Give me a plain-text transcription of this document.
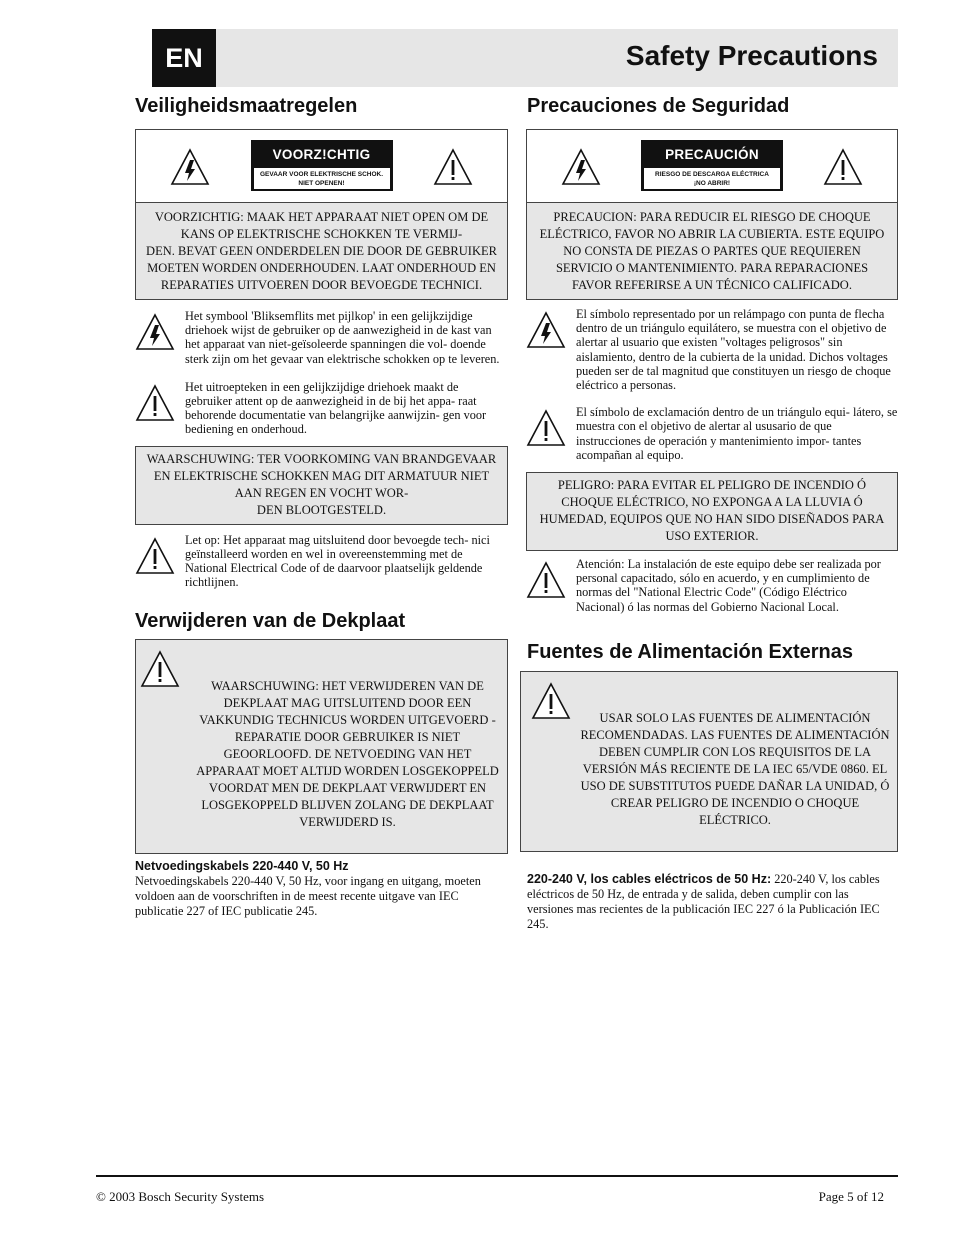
EN	Safety Precautions
Veiligheidsmaatregelen
VOORZ!CHTIG
GEVAAR VOOR ELEKTRISCHE SCHOK.
NIET OPENEN!
VOORZICHTIG: MAAK HET APPARAAT NIET OPEN OM DE KANS OP ELEKTRISCHE SCHOKKEN TE VERMIJ-
DEN. BEVAT GEEN ONDERDELEN DIE DOOR DE GEBRUIKER MOETEN WORDEN ONDERHOUDEN. LAAT ONDERHOUD EN REPARATIES UITVOEREN DOOR BEVOEGDE TECHNICI.

Het symbool 'Bliksemflits met pijlkop' in een gelijkzijdige driehoek wijst de gebruiker op de aanwezigheid in de kast van het apparaat van niet-geïsoleerde spanningen die vol- doende sterk zijn om het gevaar van elektrische schokken op te leveren.

Het uitroepteken in een gelijkzijdige driehoek maakt de gebruiker attent op de aanwezigheid in de bij het appa- raat behorende documentatie van belangrijke aanwijzin- gen voor bediening en onderhoud.

WAARSCHUWING: TER VOORKOMING VAN BRANDGEVAAR EN ELEKTRISCHE SCHOKKEN MAG DIT ARMATUUR NIET AAN REGEN EN VOCHT WOR-
DEN BLOOTGESTELD.

Let op: Het apparaat mag uitsluitend door bevoegde tech- nici geïnstalleerd worden en wel in overeenstemming met de National Electrical Code of de daarvoor plaatselijk geldende richtlijnen.

Verwijderen van de Dekplaat

WAARSCHUWING: HET VERWIJDEREN VAN DE DEKPLAAT MAG UITSLUITEND DOOR EEN VAKKUNDIG TECHNICUS WORDEN UITGEVOERD - REPARATIE DOOR GEBRUIKER IS NIET GEOORLOOFD. DE NETVOEDING VAN HET APPARAAT MOET ALTIJD WORDEN LOSGEKOPPELD VOORDAT MEN DE DEKPLAAT VERWIJDERT EN LOSGEKOPPELD BLIJVEN ZOLANG DE DEKPLAAT VERWIJDERD IS.

Netvoedingskabels 220-440 V, 50 Hz

Netvoedingskabels 220-440 V, 50 Hz, voor ingang en uitgang, moeten voldoen aan de voorschriften in de meest recente uitgave van IEC publicatie 227 of IEC publicatie 245.

Precauciones de Seguridad
PRECAUCIÓN
RIESGO DE DESCARGA ELÉCTRICA
¡NO ABRIR!
PRECAUCION: PARA REDUCIR EL RIESGO DE CHOQUE ELÉCTRICO, FAVOR NO ABRIR LA CUBIERTA. ESTE EQUIPO NO CONSTA DE PIEZAS O PARTES QUE REQUIEREN SERVICIO O MANTENIMIENTO. PARA REPARACIONES FAVOR REFERIRSE A UN TÉCNICO CALIFICADO.

El símbolo representado por un relámpago con punta de flecha dentro de un triángulo equilátero, se muestra con el objetivo de alertar al usuario que existen "voltages peligrosos" sin aislamiento, dentro de la cubierta de la unidad. Dichos voltages pueden ser de tal magnitud que constituyen un riesgo de choque eléctrico a personas.

El símbolo de exclamación dentro de un triángulo equi- látero, se muestra con el objetivo de alertar al ususario de que instrucciones de operación y mantenimiento impor- tantes acompañan al equipo.

PELIGRO: PARA EVITAR EL PELIGRO DE INCENDIO Ó CHOQUE ELÉCTRICO, NO EXPONGA A LA LLUVIA Ó HUMEDAD, EQUIPOS QUE NO HAN SIDO DISEÑADOS PARA USO EXTERIOR.

Atención: La instalación de este equipo debe ser realizada por personal capacitado, sólo en acuerdo, y en cumplimiento de normas del "National Electric Code" (Código Eléctrico Nacional) ó las normas del Gobierno Nacional Local.

Fuentes de Alimentación Externas

USAR SOLO LAS FUENTES DE ALIMENTACIÓN RECOMENDADAS. LAS FUENTES DE ALIMENTACIÓN DEBEN CUMPLIR CON LOS REQUISITOS DE LA VERSIÓN MÁS RECIENTE DE LA IEC 65/VDE 0860. EL USO DE SUBSTITUTOS PUEDE DAÑAR LA UNIDAD, Ó CREAR PELIGRO DE INCENDIO O CHOQUE ELÉCTRICO.

220-240 V, los cables eléctricos de 50 Hz: 220-240 V, los cables eléctricos de 50 Hz, de entrada y de salida, deben cumplir con las versiones mas recientes de la publicación IEC 227 ó la Publicación IEC 245.

© 2003 Bosch Security Systems	Page 5 of 12
